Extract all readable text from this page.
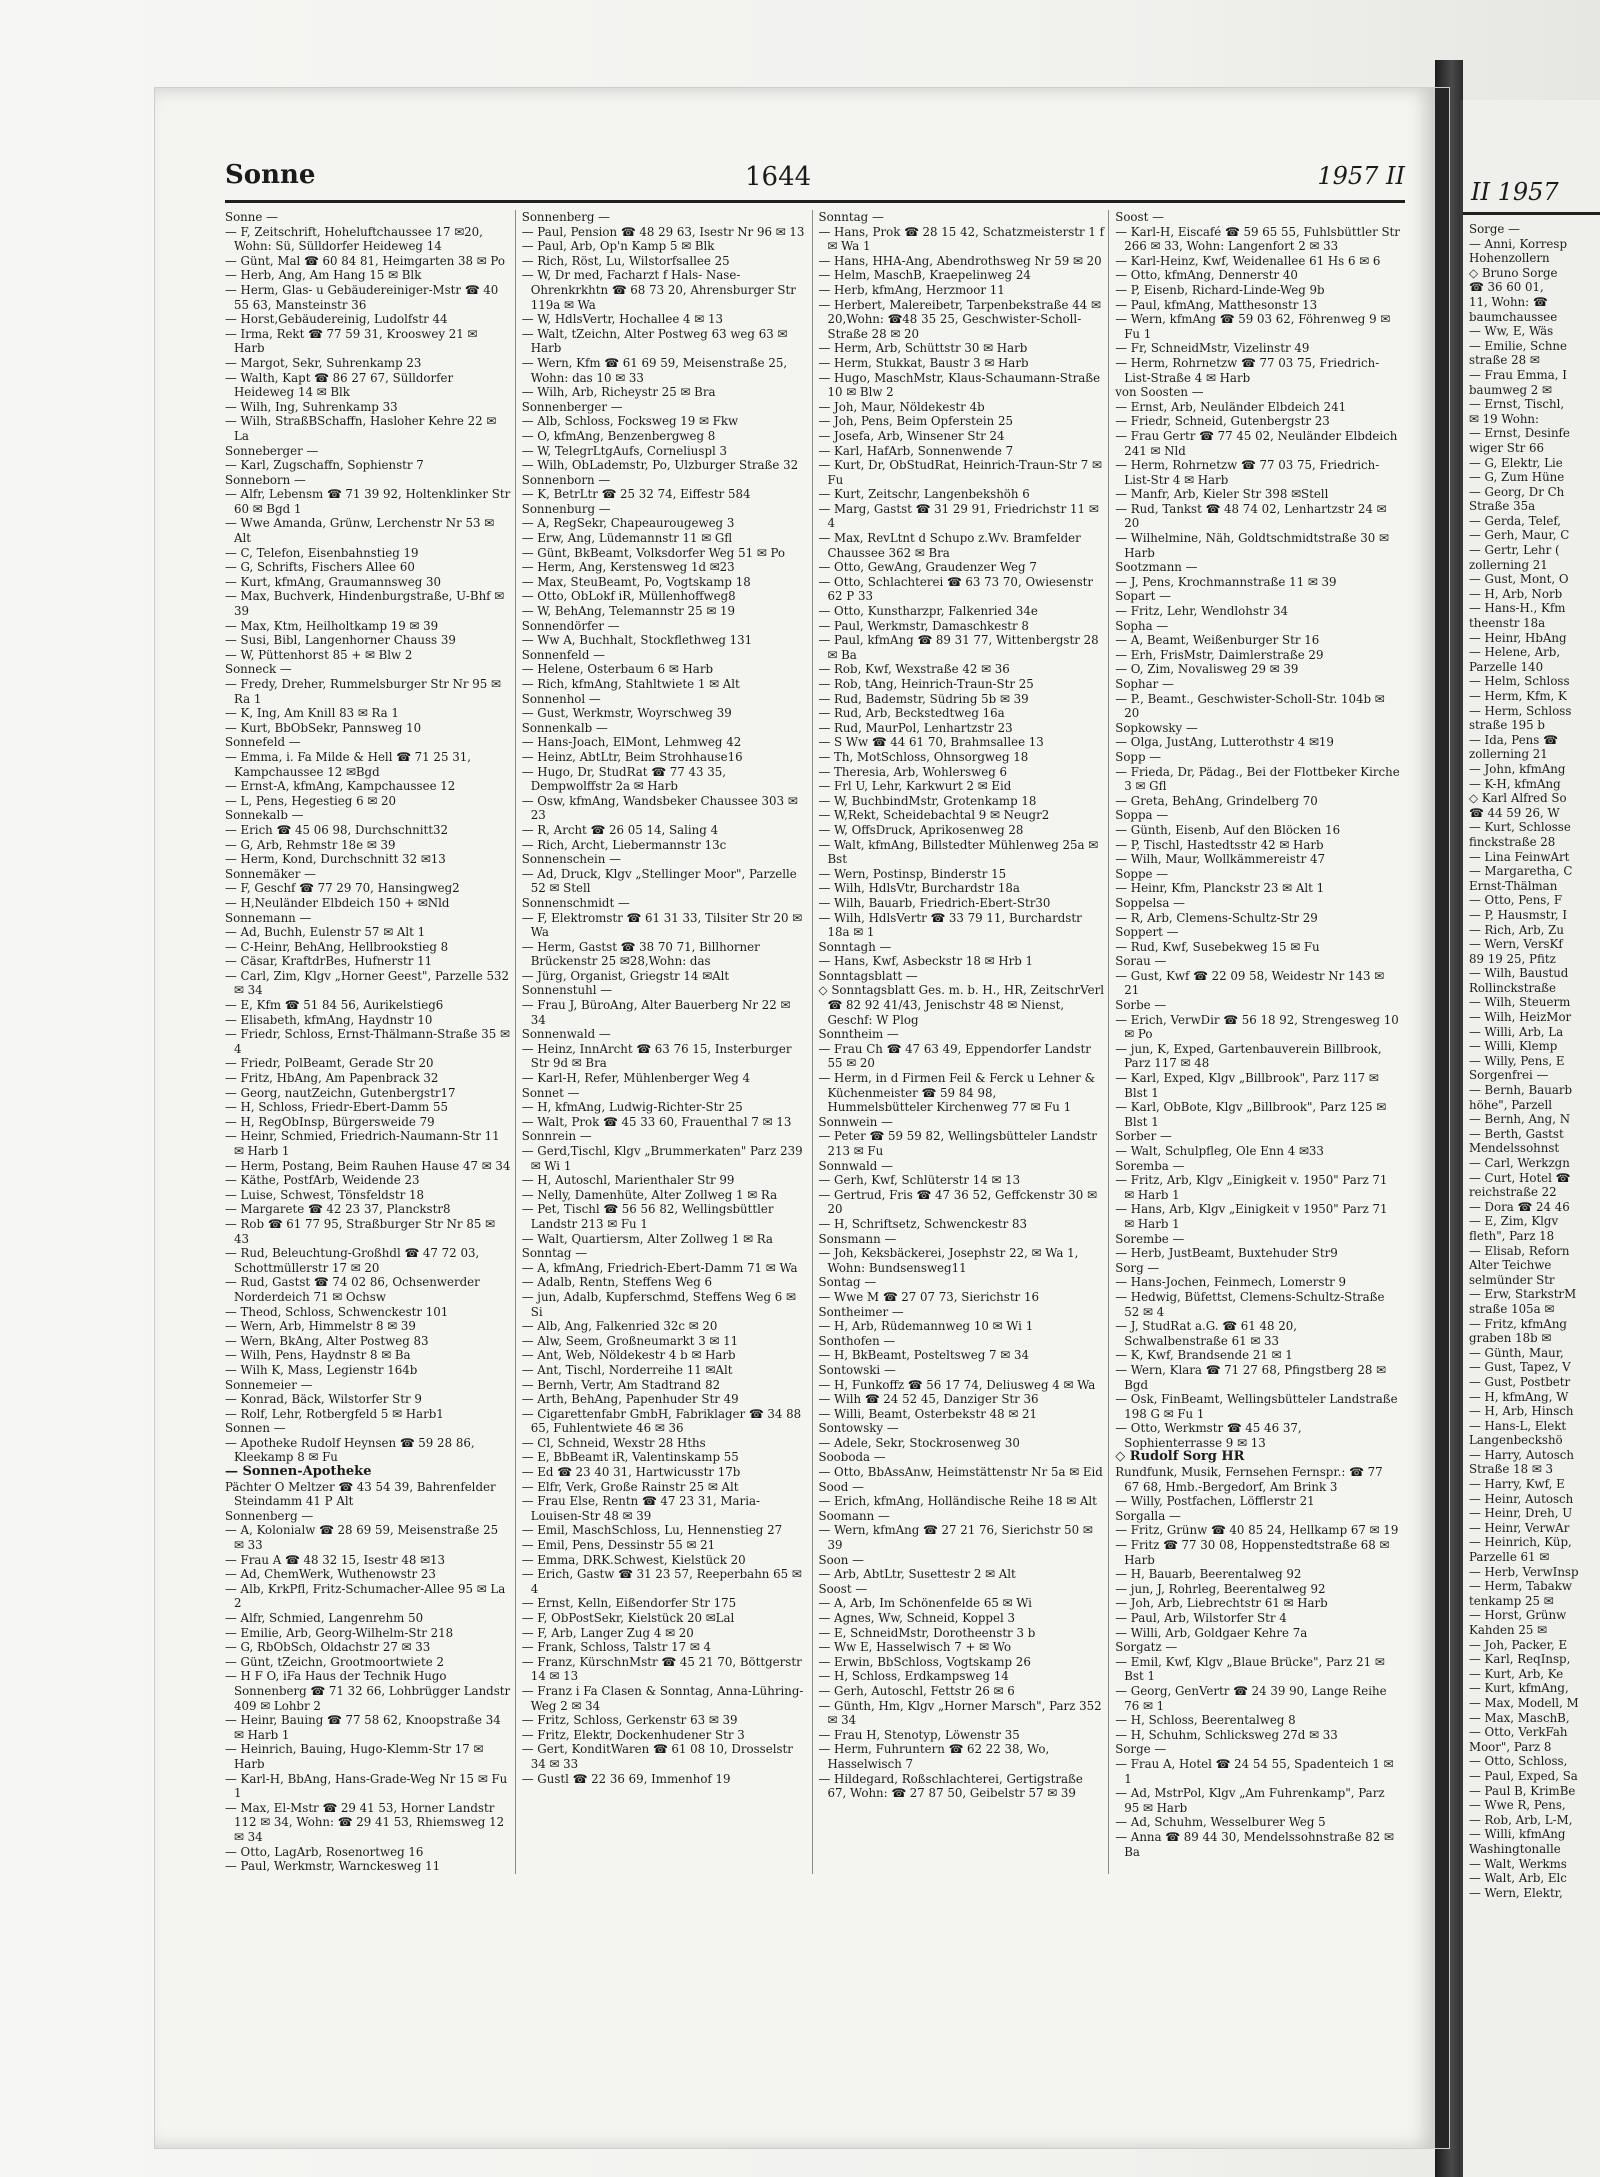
Sonne	1644	1957 II

Sonne —

— F, Zeitschrift, Hoheluftchaussee 17 ✉20, Wohn: Sü, Sülldorfer Heideweg 14

— Günt, Mal ☎ 60 84 81, Heimgarten 38 ✉ Po

— Herb, Ang, Am Hang 15 ✉ Blk

— Herm, Glas- u Gebäudereiniger-Mstr ☎ 40 55 63, Mansteinstr 36

— Horst,Gebäudereinig, Ludolfstr 44

— Irma, Rekt ☎ 77 59 31, Krooswey 21 ✉ Harb

— Margot, Sekr, Suhrenkamp 23

— Walth, Kapt ☎ 86 27 67, Sülldorfer Heideweg 14 ✉ Blk

— Wilh, Ing, Suhrenkamp 33

— Wilh, StraßBSchaffn, Hasloher Kehre 22 ✉ La

Sonneberger —

— Karl, Zugschaffn, Sophienstr 7

Sonneborn —

— Alfr, Lebensm ☎ 71 39 92, Holtenklinker Str 60 ✉ Bgd 1

— Wwe Amanda, Grünw, Lerchenstr Nr 53 ✉ Alt

— C, Telefon, Eisenbahnstieg 19

— G, Schrifts, Fischers Allee 60

— Kurt, kfmAng, Graumannsweg 30

— Max, Buchverk, Hindenburgstraße, U-Bhf ✉ 39

— Max, Ktm, Heilholtkamp 19 ✉ 39

— Susi, Bibl, Langenhorner Chauss 39

— W, Püttenhorst 85 + ✉ Blw 2

Sonneck —

— Fredy, Dreher, Rummelsburger Str Nr 95 ✉ Ra 1

— K, Ing, Am Knill 83 ✉ Ra 1

— Kurt, BbObSekr, Pannsweg 10

Sonnefeld —

— Emma, i. Fa Milde & Hell ☎ 71 25 31, Kampchaussee 12 ✉Bgd

— Ernst-A, kfmAng, Kampchaussee 12

— L, Pens, Hegestieg 6 ✉ 20

Sonnekalb —

— Erich ☎ 45 06 98, Durchschnitt32

— G, Arb, Rehmstr 18e ✉ 39

— Herm, Kond, Durchschnitt 32 ✉13

Sonnemäker —

— F, Geschf ☎ 77 29 70, Hansingweg2

— H,Neuländer Elbdeich 150 + ✉Nld

Sonnemann —

— Ad, Buchh, Eulenstr 57 ✉ Alt 1

— C-Heinr, BehAng, Hellbrookstieg 8

— Cäsar, KraftdrBes, Hufnerstr 11

— Carl, Zim, Klgv „Horner Geest", Parzelle 532 ✉ 34

— E, Kfm ☎ 51 84 56, Aurikelstieg6

— Elisabeth, kfmAng, Haydnstr 10

— Friedr, Schloss, Ernst-Thälmann-Straße 35 ✉ 4

— Friedr, PolBeamt, Gerade Str 20

— Fritz, HbAng, Am Papenbrack 32

— Georg, nautZeichn, Gutenbergstr17

— H, Schloss, Friedr-Ebert-Damm 55

— H, RegObInsp, Bürgersweide 79

— Heinr, Schmied, Friedrich-Naumann-Str 11 ✉ Harb 1

— Herm, Postang, Beim Rauhen Hause 47 ✉ 34

— Käthe, PostfArb, Weidende 23

— Luise, Schwest, Tönsfeldstr 18

— Margarete ☎ 42 23 37, Planckstr8

— Rob ☎ 61 77 95, Straßburger Str Nr 85 ✉ 43

— Rud, Beleuchtung-Großhdl ☎ 47 72 03, Schottmüllerstr 17 ✉ 20

— Rud, Gastst ☎ 74 02 86, Ochsenwerder Norderdeich 71 ✉ Ochsw

— Theod, Schloss, Schwenckestr 101

— Wern, Arb, Himmelstr 8 ✉ 39

— Wern, BkAng, Alter Postweg 83

— Wilh, Pens, Haydnstr 8 ✉ Ba

— Wilh K, Mass, Legienstr 164b

Sonnemeier —

— Konrad, Bäck, Wilstorfer Str 9

— Rolf, Lehr, Rotbergfeld 5 ✉ Harb1

Sonnen —

— Apotheke Rudolf Heynsen ☎ 59 28 86, Kleekamp 8 ✉ Fu

— Sonnen-Apotheke

Pächter O Meltzer ☎ 43 54 39, Bahrenfelder Steindamm 41 P Alt

Sonnenberg —

— A, Kolonialw ☎ 28 69 59, Meisenstraße 25 ✉ 33

— Frau A ☎ 48 32 15, Isestr 48 ✉13

— Ad, ChemWerk, Wuthenowstr 23

— Alb, KrkPfl, Fritz-Schumacher-Allee 95 ✉ La 2

— Alfr, Schmied, Langenrehm 50

— Emilie, Arb, Georg-Wilhelm-Str 218

— G, RbObSch, Oldachstr 27 ✉ 33

— Günt, tZeichn, Grootmoortwiete 2

— H F O, iFa Haus der Technik Hugo Sonnenberg ☎ 71 32 66, Lohbrügger Landstr 409 ✉ Lohbr 2

— Heinr, Bauing ☎ 77 58 62, Knoopstraße 34 ✉ Harb 1

— Heinrich, Bauing, Hugo-Klemm-Str 17 ✉ Harb

— Karl-H, BbAng, Hans-Grade-Weg Nr 15 ✉ Fu 1

— Max, El-Mstr ☎ 29 41 53, Horner Landstr 112 ✉ 34, Wohn: ☎ 29 41 53, Rhiemsweg 12 ✉ 34

— Otto, LagArb, Rosenortweg 16

— Paul, Werkmstr, Warnckesweg 11

Sonnenberg —

— Paul, Pension ☎ 48 29 63, Isestr Nr 96 ✉ 13

— Paul, Arb, Op'n Kamp 5 ✉ Blk

— Rich, Röst, Lu, Wilstorfsallee 25

— W, Dr med, Facharzt f Hals- Nase- Ohrenkrkhtn ☎ 68 73 20, Ahrensburger Str 119a ✉ Wa

— W, HdlsVertr, Hochallee 4 ✉ 13

— Walt, tZeichn, Alter Postweg 63 weg 63 ✉ Harb

— Wern, Kfm ☎ 61 69 59, Meisenstraße 25, Wohn: das 10 ✉ 33

— Wilh, Arb, Richeystr 25 ✉ Bra

Sonnenberger —

— Alb, Schloss, Focksweg 19 ✉ Fkw

— O, kfmAng, Benzenbergweg 8

— W, TelegrLtgAufs, Corneliuspl 3

— Wilh, ObLademstr, Po, Ulzburger Straße 32

Sonnenborn —

— K, BetrLtr ☎ 25 32 74, Eiffestr 584

Sonnenburg —

— A, RegSekr, Chapeaurougeweg 3

— Erw, Ang, Lüdemannstr 11 ✉ Gfl

— Günt, BkBeamt, Volksdorfer Weg 51 ✉ Po

— Herm, Ang, Kerstensweg 1d ✉23

— Max, SteuBeamt, Po, Vogtskamp 18

— Otto, ObLokf iR, Müllenhoffweg8

— W, BehAng, Telemannstr 25 ✉ 19

Sonnendörfer —

— Ww A, Buchhalt, Stockflethweg 131

Sonnenfeld —

— Helene, Osterbaum 6 ✉ Harb

— Rich, kfmAng, Stahltwiete 1 ✉ Alt

Sonnenhol —

— Gust, Werkmstr, Woyrschweg 39

Sonnenkalb —

— Hans-Joach, ElMont, Lehmweg 42

— Heinz, AbtLtr, Beim Strohhause16

— Hugo, Dr, StudRat ☎ 77 43 35, Dempwolffstr 2a ✉ Harb

— Osw, kfmAng, Wandsbeker Chaussee 303 ✉ 23

— R, Archt ☎ 26 05 14, Saling 4

— Rich, Archt, Liebermannstr 13c

Sonnenschein —

— Ad, Druck, Klgv „Stellinger Moor", Parzelle 52 ✉ Stell

Sonnenschmidt —

— F, Elektromstr ☎ 61 31 33, Tilsiter Str 20 ✉ Wa

— Herm, Gastst ☎ 38 70 71, Billhorner Brückenstr 25 ✉28,Wohn: das

— Jürg, Organist, Griegstr 14 ✉Alt

Sonnenstuhl —

— Frau J, BüroAng, Alter Bauerberg Nr 22 ✉ 34

Sonnenwald —

— Heinz, InnArcht ☎ 63 76 15, Insterburger Str 9d ✉ Bra

— Karl-H, Refer, Mühlenberger Weg 4

Sonnet —

— H, kfmAng, Ludwig-Richter-Str 25

— Walt, Prok ☎ 45 33 60, Frauenthal 7 ✉ 13

Sonnrein —

— Gerd,Tischl, Klgv „Brummerkaten" Parz 239 ✉ Wi 1

— H, Autoschl, Marienthaler Str 99

— Nelly, Damenhüte, Alter Zollweg 1 ✉ Ra

— Pet, Tischl ☎ 56 56 82, Wellingsbüttler Landstr 213 ✉ Fu 1

— Walt, Quartiersm, Alter Zollweg 1 ✉ Ra

Sonntag —

— A, kfmAng, Friedrich-Ebert-Damm 71 ✉ Wa

— Adalb, Rentn, Steffens Weg 6

— jun, Adalb, Kupferschmd, Steffens Weg 6 ✉ Si

— Alb, Ang, Falkenried 32c ✉ 20

— Alw, Seem, Großneumarkt 3 ✉ 11

— Ant, Web, Nöldekestr 4 b ✉ Harb

— Ant, Tischl, Norderreihe 11 ✉Alt

— Bernh, Vertr, Am Stadtrand 82

— Arth, BehAng, Papenhuder Str 49

— Cigarettenfabr GmbH, Fabriklager ☎ 34 88 65, Fuhlentwiete 46 ✉ 36

— Cl, Schneid, Wexstr 28 Hths

— E, BbBeamt iR, Valentinskamp 55

— Ed ☎ 23 40 31, Hartwicusstr 17b

— Elfr, Verk, Große Rainstr 25 ✉ Alt

— Frau Else, Rentn ☎ 47 23 31, Maria-Louisen-Str 48 ✉ 39

— Emil, MaschSchloss, Lu, Hennenstieg 27

— Emil, Pens, Dessinstr 55 ✉ 21

— Emma, DRK.Schwest, Kielstück 20

— Erich, Gastw ☎ 31 23 57, Reeperbahn 65 ✉ 4

— Ernst, Kelln, Eißendorfer Str 175

— F, ObPostSekr, Kielstück 20 ✉Lal

— F, Arb, Langer Zug 4 ✉ 20

— Frank, Schloss, Talstr 17 ✉ 4

— Franz, KürschnMstr ☎ 45 21 70, Böttgerstr 14 ✉ 13

— Franz i Fa Clasen & Sonntag, Anna-Lühring-Weg 2 ✉ 34

— Fritz, Schloss, Gerkenstr 63 ✉ 39

— Fritz, Elektr, Dockenhudener Str 3

— Gert, KonditWaren ☎ 61 08 10, Drosselstr 34 ✉ 33

— Gustl ☎ 22 36 69, Immenhof 19

Sonntag —

— Hans, Prok ☎ 28 15 42, Schatzmeisterstr 1 f ✉ Wa 1

— Hans, HHA-Ang, Abendrothsweg Nr 59 ✉ 20

— Helm, MaschB, Kraepelinweg 24

— Herb, kfmAng, Herzmoor 11

— Herbert, Malereibetr, Tarpenbekstraße 44 ✉ 20,Wohn: ☎48 35 25, Geschwister-Scholl-Straße 28 ✉ 20

— Herm, Arb, Schüttstr 30 ✉ Harb

— Herm, Stukkat, Baustr 3 ✉ Harb

— Hugo, MaschMstr, Klaus-Schaumann-Straße 10 ✉ Blw 2

— Joh, Maur, Nöldekestr 4b

— Joh, Pens, Beim Opferstein 25

— Josefa, Arb, Winsener Str 24

— Karl, HafArb, Sonnenwende 7

— Kurt, Dr, ObStudRat, Heinrich-Traun-Str 7 ✉ Fu

— Kurt, Zeitschr, Langenbekshöh 6

— Marg, Gastst ☎ 31 29 91, Friedrichstr 11 ✉ 4

— Max, RevLtnt d Schupo z.Wv. Bramfelder Chaussee 362 ✉ Bra

— Otto, GewAng, Graudenzer Weg 7

— Otto, Schlachterei ☎ 63 73 70, Owiesenstr 62 P 33

— Otto, Kunstharzpr, Falkenried 34e

— Paul, Werkmstr, Damaschkestr 8

— Paul, kfmAng ☎ 89 31 77, Wittenbergstr 28 ✉ Ba

— Rob, Kwf, Wexstraße 42 ✉ 36

— Rob, tAng, Heinrich-Traun-Str 25

— Rud, Bademstr, Südring 5b ✉ 39

— Rud, Arb, Beckstedtweg 16a

— Rud, MaurPol, Lenhartzstr 23

— S Ww ☎ 44 61 70, Brahmsallee 13

— Th, MotSchloss, Ohnsorgweg 18

— Theresia, Arb, Wohlersweg 6

— Frl U, Lehr, Karkwurt 2 ✉ Eid

— W, BuchbindMstr, Grotenkamp 18

— W,Rekt, Scheidebachtal 9 ✉ Neugr2

— W, OffsDruck, Aprikosenweg 28

— Walt, kfmAng, Billstedter Mühlenweg 25a ✉ Bst

— Wern, Postinsp, Binderstr 15

— Wilh, HdlsVtr, Burchardstr 18a

— Wilh, Bauarb, Friedrich-Ebert-Str30

— Wilh, HdlsVertr ☎ 33 79 11, Burchardstr 18a ✉ 1

Sonntagh —

— Hans, Kwf, Asbeckstr 18 ✉ Hrb 1

Sonntagsblatt —

◇ Sonntagsblatt Ges. m. b. H., HR, ZeitschrVerl ☎ 82 92 41/43, Jenischstr 48 ✉ Nienst, Geschf: W Plog

Sonntheim —

— Frau Ch ☎ 47 63 49, Eppendorfer Landstr 55 ✉ 20

— Herm, in d Firmen Feil & Ferck u Lehner & Küchenmeister ☎ 59 84 98, Hummelsbütteler Kirchenweg 77 ✉ Fu 1

Sonnwein —

— Peter ☎ 59 59 82, Wellingsbütteler Landstr 213 ✉ Fu

Sonnwald —

— Gerh, Kwf, Schlüterstr 14 ✉ 13

— Gertrud, Fris ☎ 47 36 52, Geffckenstr 30 ✉ 20

— H, Schriftsetz, Schwenckestr 83

Sonsmann —

— Joh, Keksbäckerei, Josephstr 22, ✉ Wa 1, Wohn: Bundsensweg11

Sontag —

— Wwe M ☎ 27 07 73, Sierichstr 16

Sontheimer —

— H, Arb, Rüdemannweg 10 ✉ Wi 1

Sonthofen —

— H, BkBeamt, Posteltsweg 7 ✉ 34

Sontowski —

— H, Funkoffz ☎ 56 17 74, Deliusweg 4 ✉ Wa

— Wilh ☎ 24 52 45, Danziger Str 36

— Willi, Beamt, Osterbekstr 48 ✉ 21

Sontowsky —

— Adele, Sekr, Stockrosenweg 30

Sooboda —

— Otto, BbAssAnw, Heimstättenstr Nr 5a ✉ Eid

Sood —

— Erich, kfmAng, Holländische Reihe 18 ✉ Alt

Soomann —

— Wern, kfmAng ☎ 27 21 76, Sierichstr 50 ✉ 39

Soon —

— Arb, AbtLtr, Susettestr 2 ✉ Alt

Soost —

— A, Arb, Im Schönenfelde 65 ✉ Wi

— Agnes, Ww, Schneid, Koppel 3

— E, SchneidMstr, Dorotheenstr 3 b

— Ww E, Hasselwisch 7 + ✉ Wo

— Erwin, BbSchloss, Vogtskamp 26

— H, Schloss, Erdkampsweg 14

— Gerh, Autoschl, Fettstr 26 ✉ 6

— Günth, Hm, Klgv „Horner Marsch", Parz 352 ✉ 34

— Frau H, Stenotyp, Löwenstr 35

— Herm, Fuhruntern ☎ 62 22 38, Wo, Hasselwisch 7

— Hildegard, Roßschlachterei, Gertigstraße 67, Wohn: ☎ 27 87 50, Geibelstr 57 ✉ 39

Soost —

— Karl-H, Eiscafé ☎ 59 65 55, Fuhlsbüttler Str 266 ✉ 33, Wohn: Langenfort 2 ✉ 33

— Karl-Heinz, Kwf, Weidenallee 61 Hs 6 ✉ 6

— Otto, kfmAng, Dennerstr 40

— P, Eisenb, Richard-Linde-Weg 9b

— Paul, kfmAng, Matthesonstr 13

— Wern, kfmAng ☎ 59 03 62, Föhrenweg 9 ✉ Fu 1

— Fr, SchneidMstr, Vizelinstr 49

— Herm, Rohrnetzw ☎ 77 03 75, Friedrich-List-Straße 4 ✉ Harb

von Soosten —

— Ernst, Arb, Neuländer Elbdeich 241

— Friedr, Schneid, Gutenbergstr 23

— Frau Gertr ☎ 77 45 02, Neuländer Elbdeich 241 ✉ Nld

— Herm, Rohrnetzw ☎ 77 03 75, Friedrich-List-Str 4 ✉ Harb

— Manfr, Arb, Kieler Str 398 ✉Stell

— Rud, Tankst ☎ 48 74 02, Lenhartzstr 24 ✉ 20

— Wilhelmine, Näh, Goldtschmidtstraße 30 ✉ Harb

Sootzmann —

— J, Pens, Krochmannstraße 11 ✉ 39

Sopart —

— Fritz, Lehr, Wendlohstr 34

Sopha —

— A, Beamt, Weißenburger Str 16

— Erh, FrisMstr, Daimlerstraße 29

— O, Zim, Novalisweg 29 ✉ 39

Sophar —

— P., Beamt., Geschwister-Scholl-Str. 104b ✉ 20

Sopkowsky —

— Olga, JustAng, Lutterothstr 4 ✉19

Sopp —

— Frieda, Dr, Pädag., Bei der Flottbeker Kirche 3 ✉ Gfl

— Greta, BehAng, Grindelberg 70

Soppa —

— Günth, Eisenb, Auf den Blöcken 16

— P, Tischl, Hastedtsstr 42 ✉ Harb

— Wilh, Maur, Wollkämmereistr 47

Soppe —

— Heinr, Kfm, Planckstr 23 ✉ Alt 1

Soppelsa —

— R, Arb, Clemens-Schultz-Str 29

Soppert —

— Rud, Kwf, Susebekweg 15 ✉ Fu

Sorau —

— Gust, Kwf ☎ 22 09 58, Weidestr Nr 143 ✉ 21

Sorbe —

— Erich, VerwDir ☎ 56 18 92, Strengesweg 10 ✉ Po

— jun, K, Exped, Gartenbauverein Billbrook, Parz 117 ✉ 48

— Karl, Exped, Klgv „Billbrook", Parz 117 ✉ Blst 1

— Karl, ObBote, Klgv „Billbrook", Parz 125 ✉ Blst 1

Sorber —

— Walt, Schulpfleg, Ole Enn 4 ✉33

Soremba —

— Fritz, Arb, Klgv „Einigkeit v. 1950" Parz 71 ✉ Harb 1

— Hans, Arb, Klgv „Einigkeit v 1950" Parz 71 ✉ Harb 1

Sorembe —

— Herb, JustBeamt, Buxtehuder Str9

Sorg —

— Hans-Jochen, Feinmech, Lomerstr 9

— Hedwig, Büfettst, Clemens-Schultz-Straße 52 ✉ 4

— J, StudRat a.G. ☎ 61 48 20, Schwalbenstraße 61 ✉ 33

— K, Kwf, Brandsende 21 ✉ 1

— Wern, Klara ☎ 71 27 68, Pfingstberg 28 ✉ Bgd

— Osk, FinBeamt, Wellingsbütteler Landstraße 198 G ✉ Fu 1

— Otto, Werkmstr ☎ 45 46 37, Sophienterrasse 9 ✉ 13

◇ Rudolf Sorg HR

Rundfunk, Musik, Fernsehen Fernspr.: ☎ 77 67 68, Hmb.-Bergedorf, Am Brink 3

— Willy, Postfachen, Löfflerstr 21

Sorgalla —

— Fritz, Grünw ☎ 40 85 24, Hellkamp 67 ✉ 19

— Fritz ☎ 77 30 08, Hoppenstedtstraße 68 ✉ Harb

— H, Bauarb, Beerentalweg 92

— jun, J, Rohrleg, Beerentalweg 92

— Joh, Arb, Liebrechtstr 61 ✉ Harb

— Paul, Arb, Wilstorfer Str 4

— Willi, Arb, Goldgaer Kehre 7a

Sorgatz —

— Emil, Kwf, Klgv „Blaue Brücke", Parz 21 ✉ Bst 1

— Georg, GenVertr ☎ 24 39 90, Lange Reihe 76 ✉ 1

— H, Schloss, Beerentalweg 8

— H, Schuhm, Schlicksweg 27d ✉ 33

Sorge —

— Frau A, Hotel ☎ 24 54 55, Spadenteich 1 ✉ 1

— Ad, MstrPol, Klgv „Am Fuhrenkamp", Parz 95 ✉ Harb

— Ad, Schuhm, Wesselburer Weg 5

— Anna ☎ 89 44 30, Mendelssohnstraße 82 ✉ Ba

II 1957

Sorge —

— Anni, Korresp

Hohenzollern

◇ Bruno Sorge

☎ 36 60 01,

11, Wohn: ☎

baumchaussee

— Ww, E, Wäs

— Emilie, Schne

straße 28 ✉

— Frau Emma, I

baumweg 2 ✉

— Ernst, Tischl,

✉ 19 Wohn:

— Ernst, Desinfe

wiger Str 66

— G, Elektr, Lie

— G, Zum Hüne

— Georg, Dr Ch

Straße 35a

— Gerda, Telef,

— Gerh, Maur, C

— Gertr, Lehr (

zollerning 21

— Gust, Mont, O

— H, Arb, Norb

— Hans-H., Kfm

theenstr 18a

— Heinr, HbAng

— Helene, Arb,

Parzelle 140

— Helm, Schloss

— Herm, Kfm, K

— Herm, Schloss

straße 195 b

— Ida, Pens ☎

zollerning 21

— John, kfmAng

— K-H, kfmAng

◇ Karl Alfred So

☎ 44 59 26, W

— Kurt, Schlosse

finckstraße 28

— Lina FeinwArt

— Margaretha, C

Ernst-Thälman

— Otto, Pens, F

— P, Hausmstr, I

— Rich, Arb, Zu

— Wern, VersKf

89 19 25, Pfitz

— Wilh, Baustud

Rollinckstraße

— Wilh, Steuerm

— Wilh, HeizMor

— Willi, Arb, La

— Willi, Klemp

— Willy, Pens, E

Sorgenfrei —

— Bernh, Bauarb

höhe", Parzell

— Bernh, Ang, N

— Berth, Gastst

Mendelssohnst

— Carl, Werkzgn

— Curt, Hotel ☎

reichstraße 22

— Dora ☎ 24 46

— E, Zim, Klgv

fleth", Parz 18

— Elisab, Reforn

Alter Teichwe

selmünder Str

— Erw, StarkstrM

straße 105a ✉

— Fritz, kfmAng

graben 18b ✉

— Günth, Maur,

— Gust, Tapez, V

— Gust, Postbetr

— H, kfmAng, W

— H, Arb, Hinsch

— Hans-L, Elekt

Langenbeckshö

— Harry, Autosch

Straße 18 ✉ 3

— Harry, Kwf, E

— Heinr, Autosch

— Heinr, Dreh, U

— Heinr, VerwAr

— Heinrich, Küp,

Parzelle 61 ✉

— Herb, VerwInsp

— Herm, Tabakw

tenkamp 25 ✉

— Horst, Grünw

Kahden 25 ✉

— Joh, Packer, E

— Karl, ReqInsp,

— Kurt, Arb, Ke

— Kurt, kfmAng,

— Max, Modell, M

— Max, MaschB,

— Otto, VerkFah

Moor", Parz 8

— Otto, Schloss,

— Paul, Exped, Sa

— Paul B, KrimBe

— Wwe R, Pens,

— Rob, Arb, L-M,

— Willi, kfmAng

Washingtonalle

— Walt, Werkms

— Walt, Arb, Elc

— Wern, Elektr,
